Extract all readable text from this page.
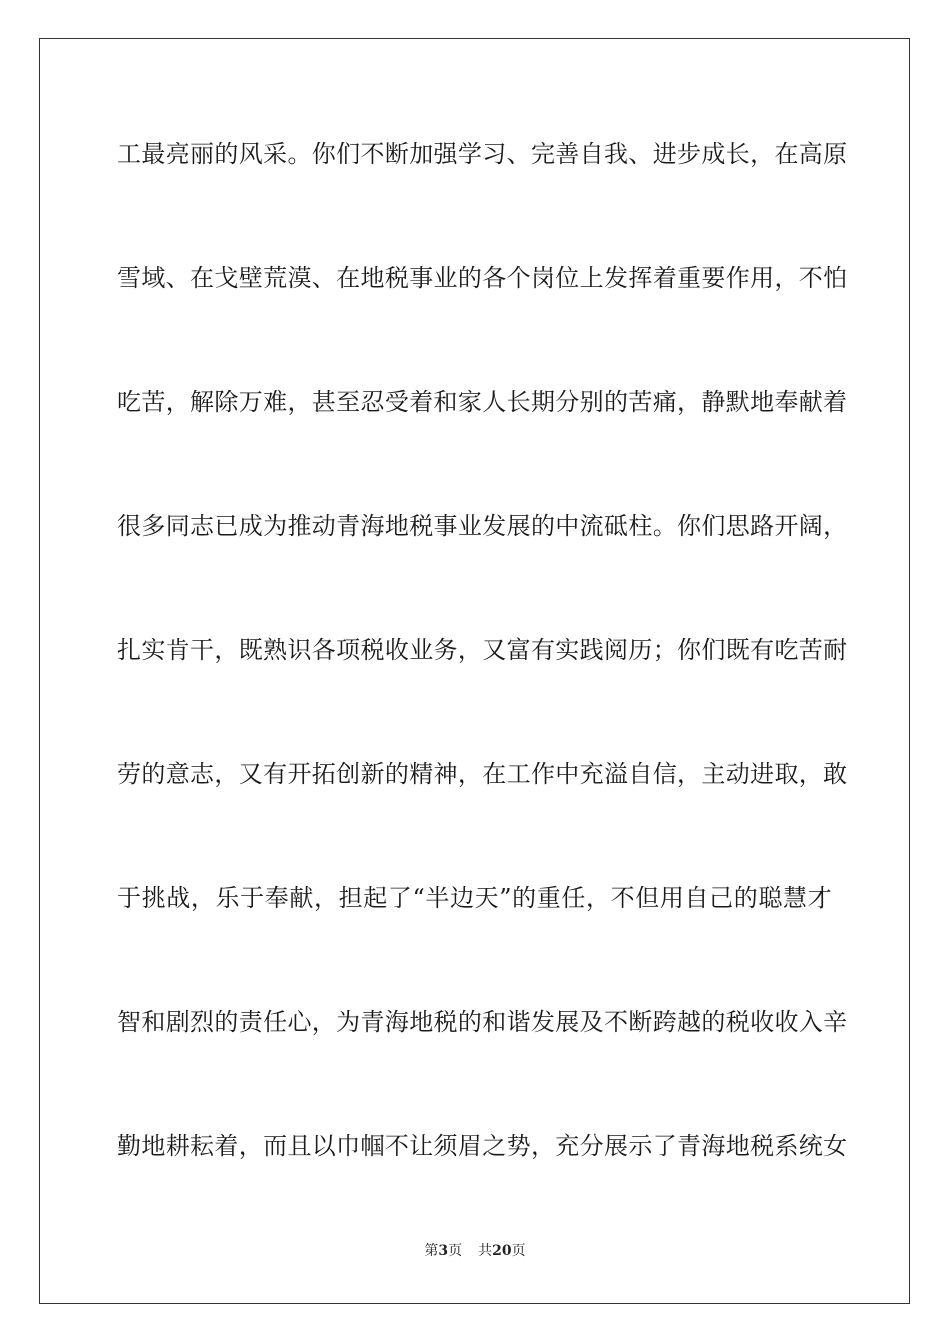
工最亮丽的风采。你们不断加强学习、完善自我、进步成长，在高原
雪域、在戈壁荒漠、在地税事业的各个岗位上发挥着重要作用，不怕
吃苦，解除万难，甚至忍受着和家人长期分别的苦痛，静默地奉献着
很多同志已成为推动青海地税事业发展的中流砥柱。你们思路开阔，
扎实肯干，既熟识各项税收业务，又富有实践阅历；你们既有吃苦耐
劳的意志，又有开拓创新的精神，在工作中充溢自信，主动进取，敢
于挑战，乐于奉献，担起了“半边天”的重任，不但用自己的聪慧才
智和剧烈的责任心，为青海地税的和谐发展及不断跨越的税收收入辛
勤地耕耘着，而且以巾帼不让须眉之势，充分展示了青海地税系统女
第3页 共20页
